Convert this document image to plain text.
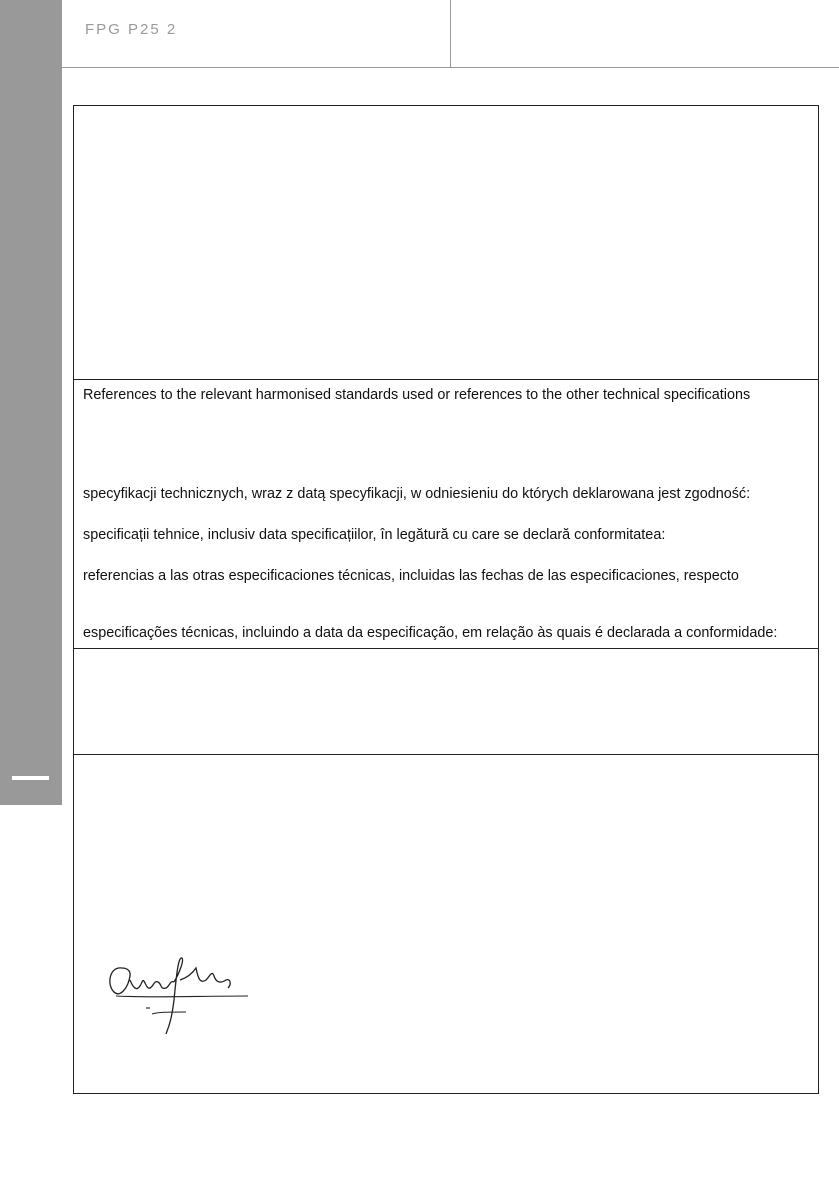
FPG P25 2
References to the relevant harmonised standards used or references to the other technical specifications
specyfikacji technicznych, wraz z datą specyfikacji, w odniesieniu do których deklarowana jest zgodność:
specificații tehnice, inclusiv data specificațiilor, în legătură cu care se declară conformitatea:
referencias a las otras especificaciones técnicas, incluidas las fechas de las especificaciones, respecto
especificações técnicas, incluindo a data da especificação, em relação às quais é declarada a conformidade:
